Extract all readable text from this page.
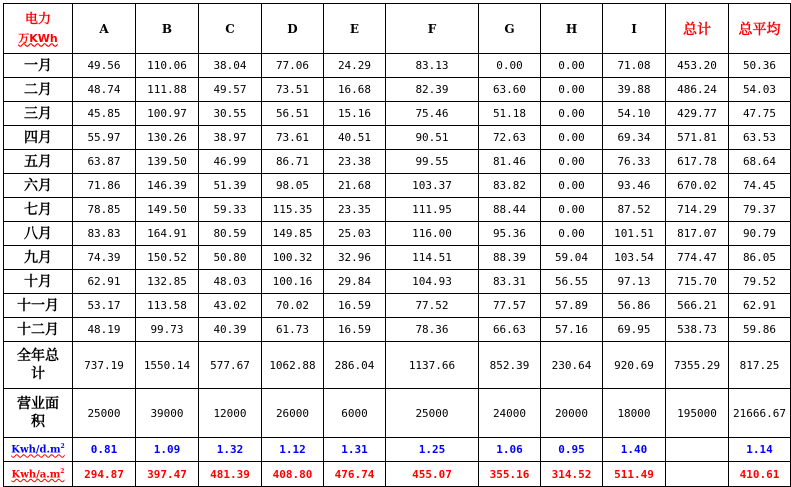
电力
万KWh	A	B	C	D	E	F	G	H	I	总计	总平均
一月	49.56	110.06	38.04	77.06	24.29	83.13	0.00	0.00	71.08	453.20	50.36
二月	48.74	111.88	49.57	73.51	16.68	82.39	63.60	0.00	39.88	486.24	54.03
三月	45.85	100.97	30.55	56.51	15.16	75.46	51.18	0.00	54.10	429.77	47.75
四月	55.97	130.26	38.97	73.61	40.51	90.51	72.63	0.00	69.34	571.81	63.53
五月	63.87	139.50	46.99	86.71	23.38	99.55	81.46	0.00	76.33	617.78	68.64
六月	71.86	146.39	51.39	98.05	21.68	103.37	83.82	0.00	93.46	670.02	74.45
七月	78.85	149.50	59.33	115.35	23.35	111.95	88.44	0.00	87.52	714.29	79.37
八月	83.83	164.91	80.59	149.85	25.03	116.00	95.36	0.00	101.51	817.07	90.79
九月	74.39	150.52	50.80	100.32	32.96	114.51	88.39	59.04	103.54	774.47	86.05
十月	62.91	132.85	48.03	100.16	29.84	104.93	83.31	56.55	97.13	715.70	79.52
十一月	53.17	113.58	43.02	70.02	16.59	77.52	77.57	57.89	56.86	566.21	62.91
十二月	48.19	99.73	40.39	61.73	16.59	78.36	66.63	57.16	69.95	538.73	59.86
全年总
计	737.19	1550.14	577.67	1062.88	286.04	1137.66	852.39	230.64	920.69	7355.29	817.25
营业面
积	25000	39000	12000	26000	6000	25000	24000	20000	18000	195000	21666.67
Kwh/$d.m^2$	0.81	1.09	1.32	1.12	1.31	1.25	1.06	0.95	1.40		1.14
Kwh/$a.m^2$	294.87	397.47	481.39	408.80	476.74	455.07	355.16	314.52	511.49		410.61
